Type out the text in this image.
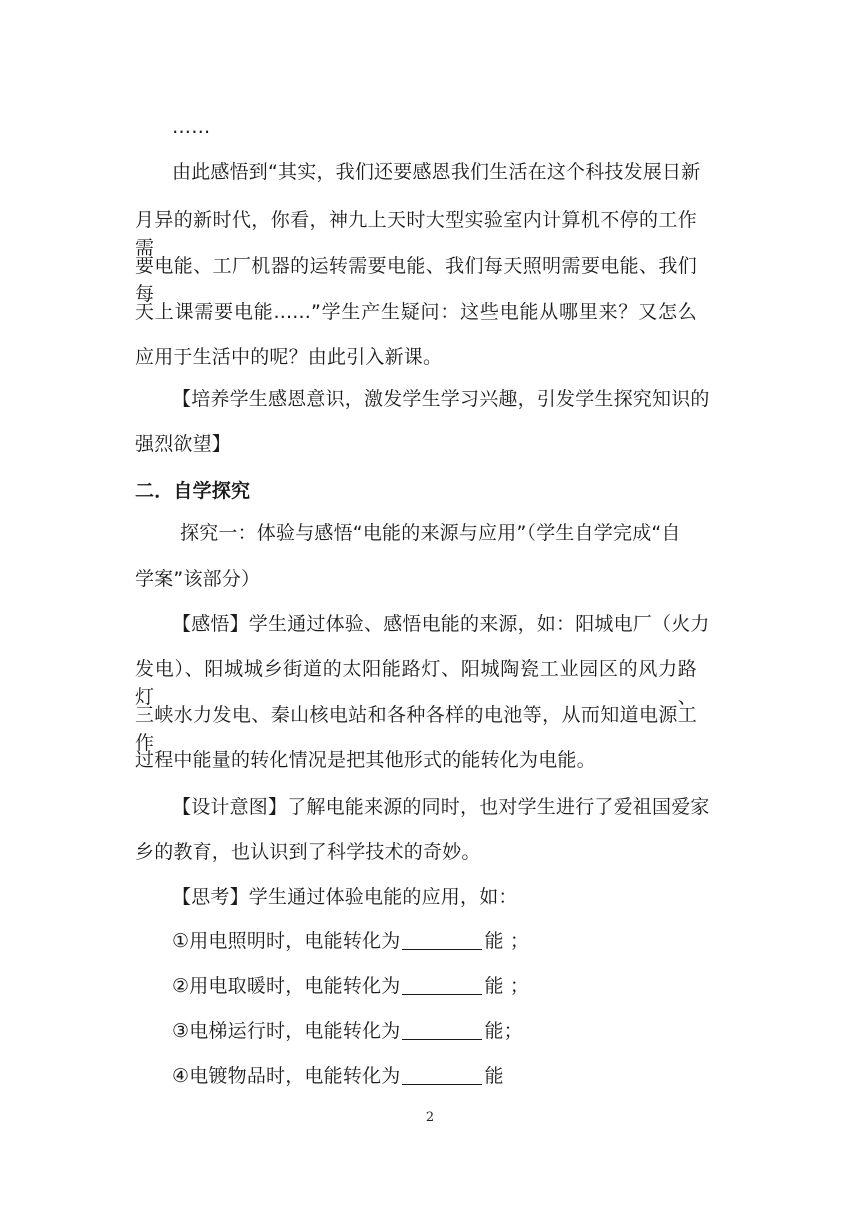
……
由此感悟到“其实，我们还要感恩我们生活在这个科技发展日新
月异的新时代，你看，神九上天时大型实验室内计算机不停的工作需
要电能、工厂机器的运转需要电能、我们每天照明需要电能、我们每
天上课需要电能......”学生产生疑问：这些电能从哪里来？又怎么
应用于生活中的呢？由此引入新课。
【培养学生感恩意识，激发学生学习兴趣，引发学生探究知识的
强烈欲望】
二．自学探究
探究一：体验与感悟“电能的来源与应用”（学生自学完成“自
学案”该部分）
【感悟】学生通过体验、感悟电能的来源，如：阳城电厂（火力
发电）、阳城城乡街道的太阳能路灯、阳城陶瓷工业园区的风力路灯、
三峡水力发电、秦山核电站和各种各样的电池等，从而知道电源工作
过程中能量的转化情况是把其他形式的能转化为电能。
【设计意图】了解电能来源的同时，也对学生进行了爱祖国爱家
乡的教育，也认识到了科学技术的奇妙。
【思考】学生通过体验电能的应用，如：
①用电照明时，电能转化为	能 ；
②用电取暖时，电能转化为	能 ；
③电梯运行时，电能转化为	能；
④电镀物品时，电能转化为	能
2
